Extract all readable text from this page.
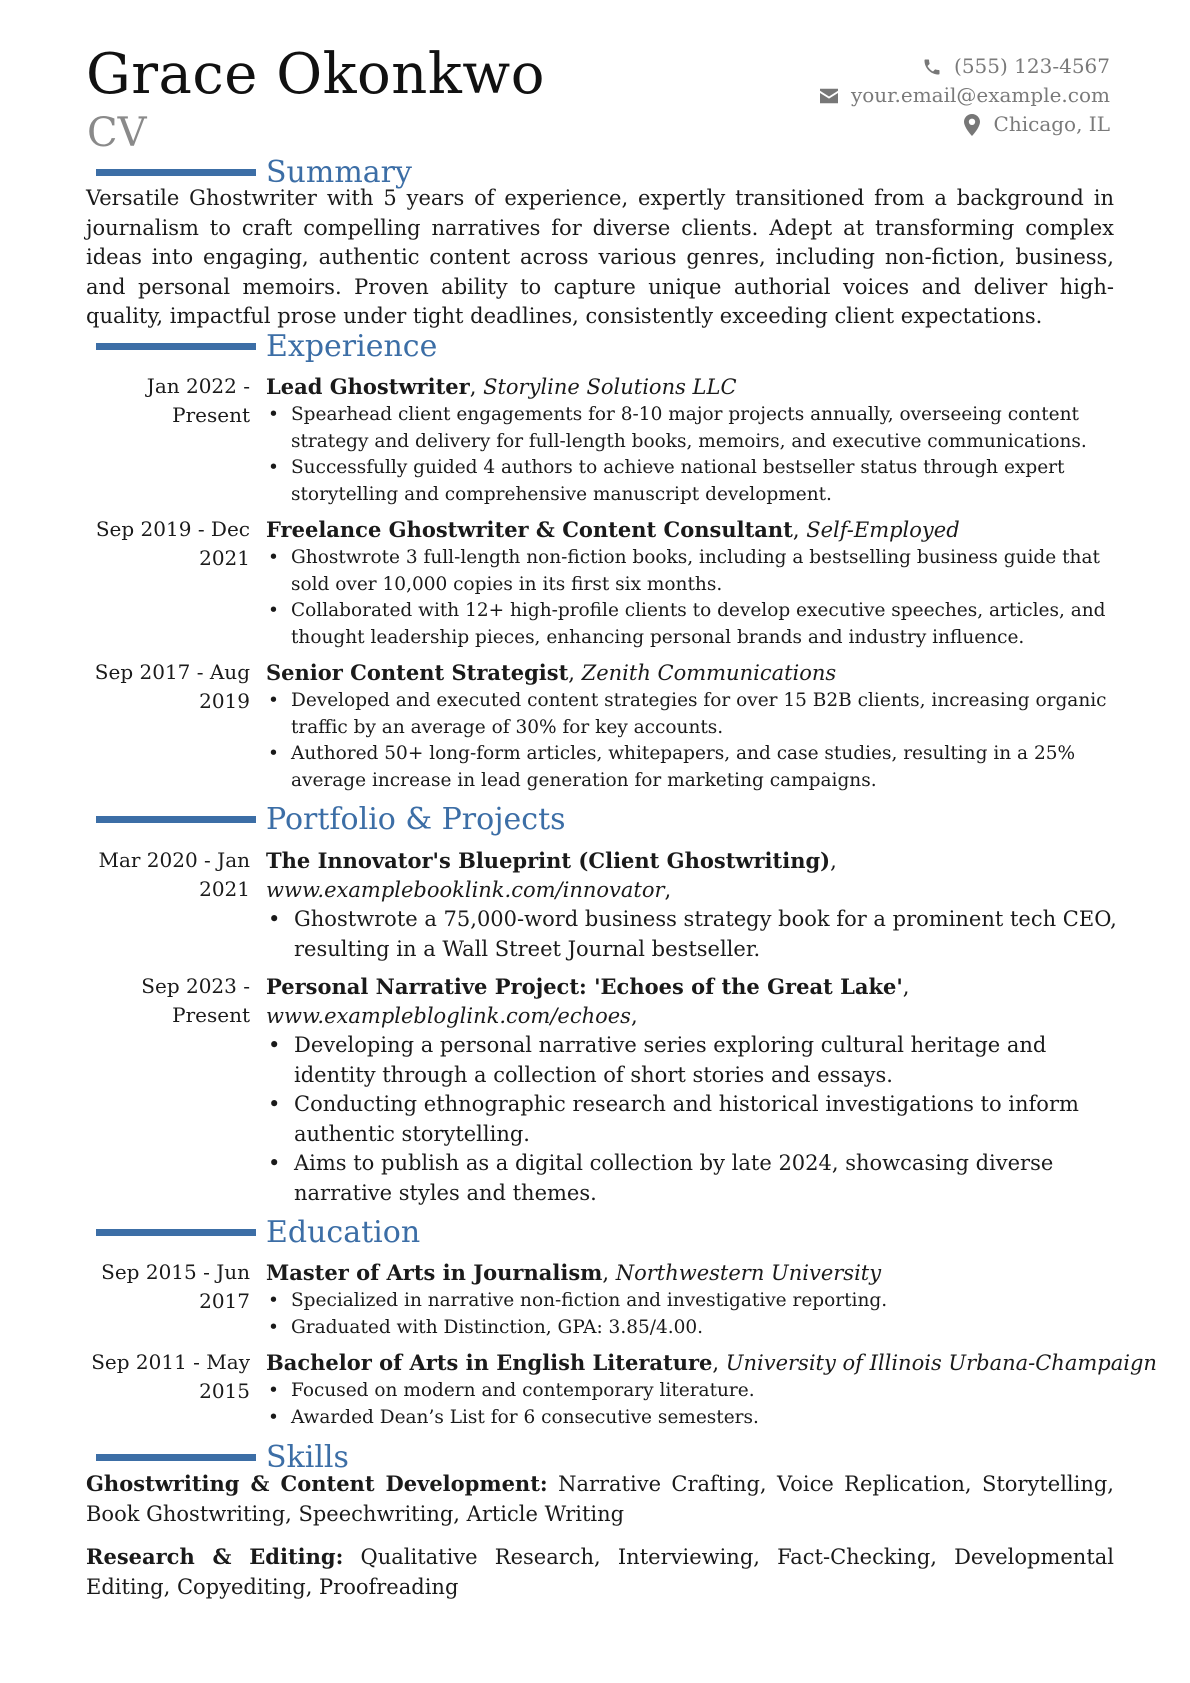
Grace Okonkwo
CV
(555) 123-4567
your.email@example.com
Chicago, IL
Summary
Versatile Ghostwriter with 5 years of experience, expertly transitioned from a background in journalism to craft compelling narratives for diverse clients. Adept at transforming complex ideas into engaging, authentic content across various genres, including non-fiction, business, and personal memoirs. Proven ability to capture unique authorial voices and deliver high-quality, impactful prose under tight deadlines, consistently exceeding client expectations.
Experience
Jan 2022 - Present
Lead Ghostwriter, Storyline Solutions LLC
• Spearhead client engagements for 8-10 major projects annually, overseeing content strategy and delivery for full-length books, memoirs, and executive communications.
• Successfully guided 4 authors to achieve national bestseller status through expert storytelling and comprehensive manuscript development.
Sep 2019 - Dec 2021
Freelance Ghostwriter & Content Consultant, Self-Employed
• Ghostwrote 3 full-length non-fiction books, including a bestselling business guide that sold over 10,000 copies in its first six months.
• Collaborated with 12+ high-profile clients to develop executive speeches, articles, and thought leadership pieces, enhancing personal brands and industry influence.
Sep 2017 - Aug 2019
Senior Content Strategist, Zenith Communications
• Developed and executed content strategies for over 15 B2B clients, increasing organic traffic by an average of 30% for key accounts.
• Authored 50+ long-form articles, whitepapers, and case studies, resulting in a 25% average increase in lead generation for marketing campaigns.
Portfolio & Projects
Mar 2020 - Jan 2021
The Innovator's Blueprint (Client Ghostwriting), www.examplebooklink.com/innovator,
• Ghostwrote a 75,000-word business strategy book for a prominent tech CEO, resulting in a Wall Street Journal bestseller.
Sep 2023 - Present
Personal Narrative Project: 'Echoes of the Great Lake', www.examplebloglink.com/echoes,
• Developing a personal narrative series exploring cultural heritage and identity through a collection of short stories and essays.
• Conducting ethnographic research and historical investigations to inform authentic storytelling.
• Aims to publish as a digital collection by late 2024, showcasing diverse narrative styles and themes.
Education
Sep 2015 - Jun 2017
Master of Arts in Journalism, Northwestern University
• Specialized in narrative non-fiction and investigative reporting.
• Graduated with Distinction, GPA: 3.85/4.00.
Sep 2011 - May 2015
Bachelor of Arts in English Literature, University of Illinois Urbana-Champaign
• Focused on modern and contemporary literature.
• Awarded Dean’s List for 6 consecutive semesters.
Skills

Ghostwriting & Content Development: Narrative Crafting, Voice Replication, Storytelling, Book Ghostwriting, Speechwriting, Article Writing

Research & Editing: Qualitative Research, Interviewing, Fact-Checking, Developmental Editing, Copyediting, Proofreading
